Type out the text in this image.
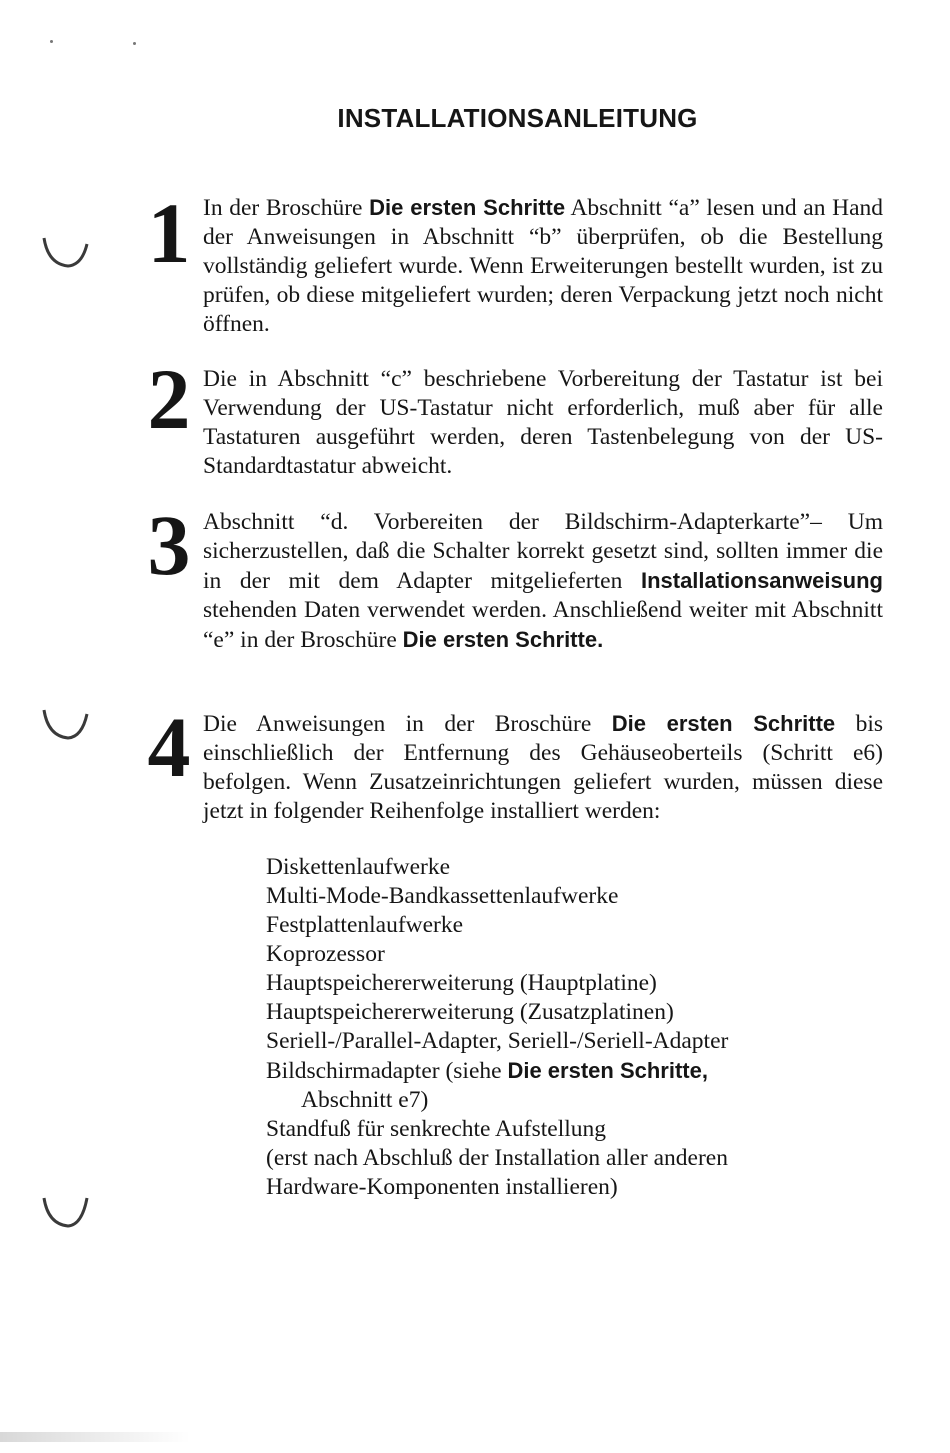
INSTALLATIONSANLEITUNG
1 In der Broschüre Die ersten Schritte Abschnitt “a” lesen und an Hand der Anweisungen in Abschnitt “b” überprüfen, ob die Bestellung vollständig geliefert wurde. Wenn Erweiterungen bestellt wurden, ist zu prüfen, ob diese mitgeliefert wurden; deren Verpackung jetzt noch nicht öffnen.

2 Die in Abschnitt “c” beschriebene Vorbereitung der Tastatur ist bei Verwendung der US-Tastatur nicht erforderlich, muß aber für alle Tastaturen ausgeführt werden, deren Tastenbelegung von der US-Standardtastatur abweicht.

3 Abschnitt “d. Vorbereiten der Bildschirm-Adapterkarte”– Um sicherzustellen, daß die Schalter korrekt gesetzt sind, sollten immer die in der mit dem Adapter mitgelieferten Installationsanweisung stehenden Daten verwendet werden. Anschließend weiter mit Abschnitt “e” in der Broschüre Die ersten Schritte.

4 Die Anweisungen in der Broschüre Die ersten Schritte bis einschließlich der Entfernung des Gehäuseoberteils (Schritt e6) befolgen. Wenn Zusatzeinrichtungen geliefert wurden, müssen diese jetzt in folgender Reihenfolge installiert werden:

Diskettenlaufwerke
Multi-Mode-Bandkassettenlaufwerke
Festplattenlaufwerke
Koprozessor
Hauptspeichererweiterung (Hauptplatine)
Hauptspeichererweiterung (Zusatzplatinen)
Seriell-/Parallel-Adapter, Seriell-/Seriell-Adapter
Bildschirmadapter (siehe Die ersten Schritte,
Abschnitt e7)
Standfuß für senkrechte Aufstellung
(erst nach Abschluß der Installation aller anderen
Hardware-Komponenten installieren)
